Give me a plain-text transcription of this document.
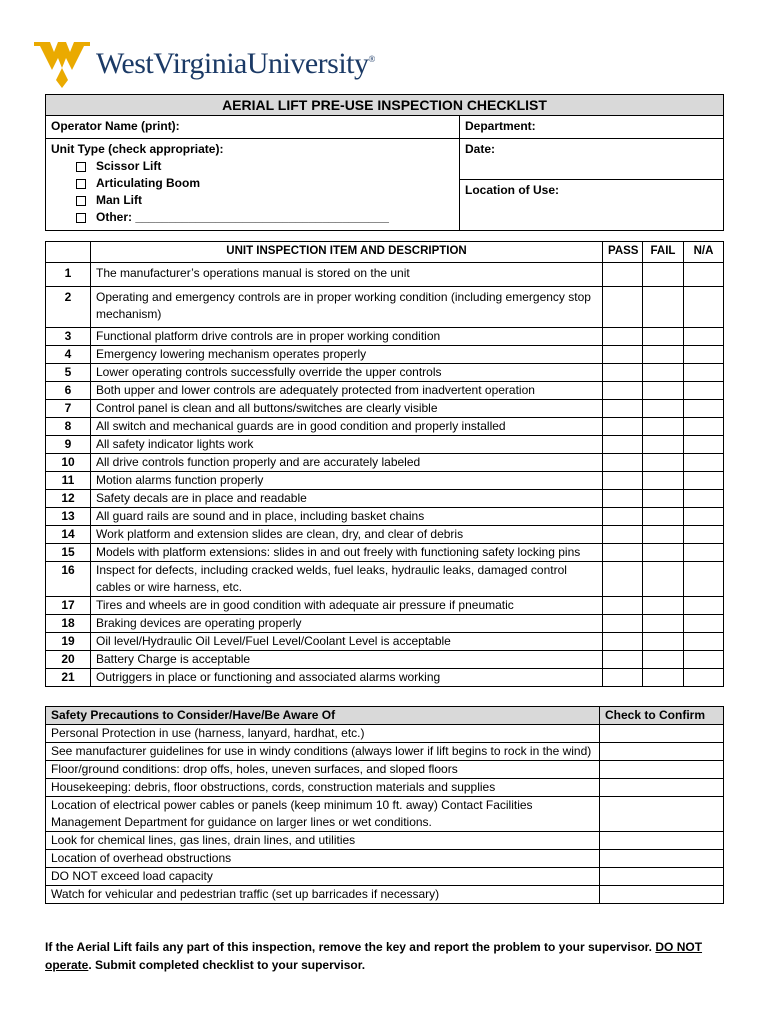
WestVirginiaUniversity®
AERIAL LIFT PRE-USE INSPECTION CHECKLIST	
Operator Name (print):	Department:

Unit Type (check appropriate):
Scissor Lift
Articulating Boom
Man Lift
Other: ______________________________________	Date:
	Location of Use:
	UNIT INSPECTION ITEM AND DESCRIPTION	PASS	FAIL	N/A
1	The manufacturer’s operations manual is stored on the unit			
2	Operating and emergency controls are in proper working condition (including emergency stop mechanism)			
3	Functional platform drive controls are in proper working condition			
4	Emergency lowering mechanism operates properly			
5	Lower operating controls successfully override the upper controls			
6	Both upper and lower controls are adequately protected from inadvertent operation			
7	Control panel is clean and all buttons/switches are clearly visible			
8	All switch and mechanical guards are in good condition and properly installed			
9	All safety indicator lights work			
10	All drive controls function properly and are accurately labeled			
11	Motion alarms function properly			
12	Safety decals are in place and readable			
13	All guard rails are sound and in place, including basket chains			
14	Work platform and extension slides are clean, dry, and clear of debris			
15	Models with platform extensions: slides in and out freely with functioning safety locking pins			
16	Inspect for defects, including cracked welds, fuel leaks, hydraulic leaks, damaged control cables or wire harness, etc.			
17	Tires and wheels are in good condition with adequate air pressure if pneumatic			
18	Braking devices are operating properly			
19	Oil level/Hydraulic Oil Level/Fuel Level/Coolant Level is acceptable			
20	Battery Charge is acceptable			
21	Outriggers in place or functioning and associated alarms working			
Safety Precautions to Consider/Have/Be Aware Of	Check to Confirm
Personal Protection in use (harness, lanyard, hardhat, etc.)	
See manufacturer guidelines for use in windy conditions (always lower if lift begins to rock in the wind)	
Floor/ground conditions: drop offs, holes, uneven surfaces, and sloped floors	
Housekeeping: debris, floor obstructions, cords, construction materials and supplies	
Location of electrical power cables or panels (keep minimum 10 ft. away) Contact Facilities Management Department for guidance on larger lines or wet conditions.	
Look for chemical lines, gas lines, drain lines, and utilities	
Location of overhead obstructions	
DO NOT exceed load capacity	
Watch for vehicular and pedestrian traffic (set up barricades if necessary)	
If the Aerial Lift fails any part of this inspection, remove the key and report the problem to your supervisor. DO NOT operate. Submit completed checklist to your supervisor.
